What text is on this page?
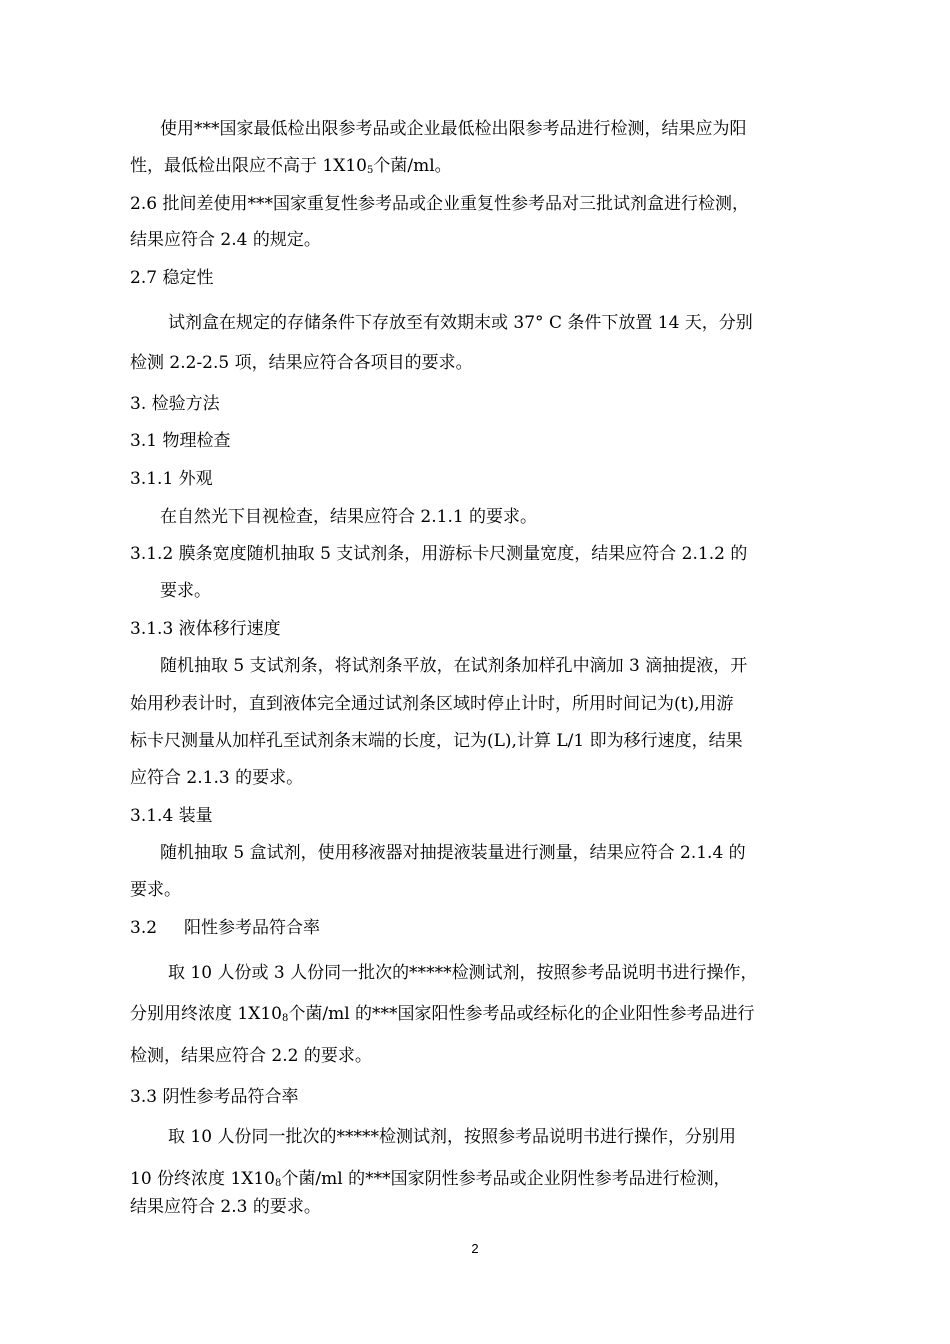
使用***国家最低检出限参考品或企业最低检出限参考品进行检测，结果应为阳
性，最低检出限应不高于 $1X10_5$个菌/ml。
2.6 批间差使用***国家重复性参考品或企业重复性参考品对三批试剂盒进行检测，
结果应符合 2.4 的规定。
2.7 稳定性
试剂盒在规定的存储条件下存放至有效期末或 37° C 条件下放置 14 天，分别
检测 2.2-2.5 项，结果应符合各项目的要求。
3. 检验方法
3.1 物理检查
3.1.1 外观
在自然光下目视检查，结果应符合 2.1.1 的要求。
3.1.2 膜条宽度随机抽取 5 支试剂条，用游标卡尺测量宽度，结果应符合 2.1.2 的
要求。
3.1.3 液体移行速度
随机抽取 5 支试剂条，将试剂条平放，在试剂条加样孔中滴加 3 滴抽提液，开
始用秒表计时，直到液体完全通过试剂条区域时停止计时，所用时间记为(t),用游
标卡尺测量从加样孔至试剂条末端的长度，记为(L),计算 L/1 即为移行速度，结果
应符合 2.1.3 的要求。
3.1.4 装量
随机抽取 5 盒试剂，使用移液器对抽提液装量进行测量，结果应符合 2.1.4 的
要求。
3.2     阳性参考品符合率
取 10 人份或 3 人份同一批次的*****检测试剂，按照参考品说明书进行操作，
分别用终浓度 $1X10_8$个菌/ml 的***国家阳性参考品或经标化的企业阳性参考品进行
检测，结果应符合 2.2 的要求。
3.3 阴性参考品符合率
取 10 人份同一批次的*****检测试剂，按照参考品说明书进行操作，分别用
10 份终浓度 $1X10_8$个菌/ml 的***国家阴性参考品或企业阴性参考品进行检测，
结果应符合 2.3 的要求。
2
